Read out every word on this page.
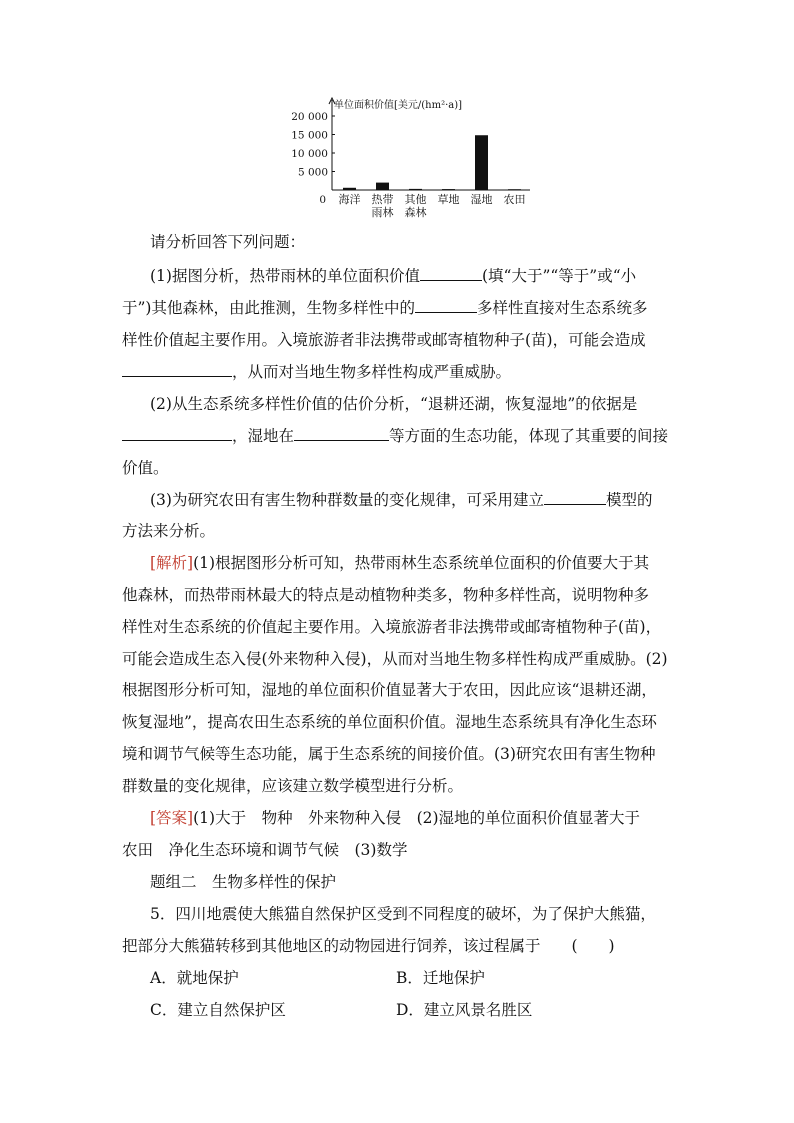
单位面积价值[美元/(hm²·a)]
20 000
15 000
10 000
5 000
0 海洋 热带
雨林
其他
森林
草地 湿地 农田
请分析回答下列问题：
(1)据图分析，热带雨林的单位面积价值	(填“大于”“等于”或“小
于”)其他森林，由此推测，生物多样性中的	多样性直接对生态系统多
样性价值起主要作用。入境旅游者非法携带或邮寄植物种子(苗)，可能会造成
，从而对当地生物多样性构成严重威胁。
(2)从生态系统多样性价值的估价分析，“退耕还湖，恢复湿地”的依据是
，湿地在	等方面的生态功能，体现了其重要的间接
价值。
(3)为研究农田有害生物种群数量的变化规律，可采用建立	模型的
方法来分析。
[解析](1)根据图形分析可知，热带雨林生态系统单位面积的价值要大于其
他森林，而热带雨林最大的特点是动植物种类多，物种多样性高，说明物种多
样性对生态系统的价值起主要作用。入境旅游者非法携带或邮寄植物种子(苗)，
可能会造成生态入侵(外来物种入侵)，从而对当地生物多样性构成严重威胁。(2)
根据图形分析可知，湿地的单位面积价值显著大于农田，因此应该“退耕还湖，
恢复湿地”，提高农田生态系统的单位面积价值。湿地生态系统具有净化生态环
境和调节气候等生态功能，属于生态系统的间接价值。(3)研究农田有害生物种
群数量的变化规律，应该建立数学模型进行分析。
[答案](1)大于　物种　外来物种入侵　(2)湿地的单位面积价值显著大于
农田　净化生态环境和调节气候　(3)数学
题组二　生物多样性的保护
5．四川地震使大熊猫自然保护区受到不同程度的破坏，为了保护大熊猫，
把部分大熊猫转移到其他地区的动物园进行饲养，该过程属于　　(　　)
A．就地保护	B．迁地保护
C．建立自然保护区	D．建立风景名胜区
